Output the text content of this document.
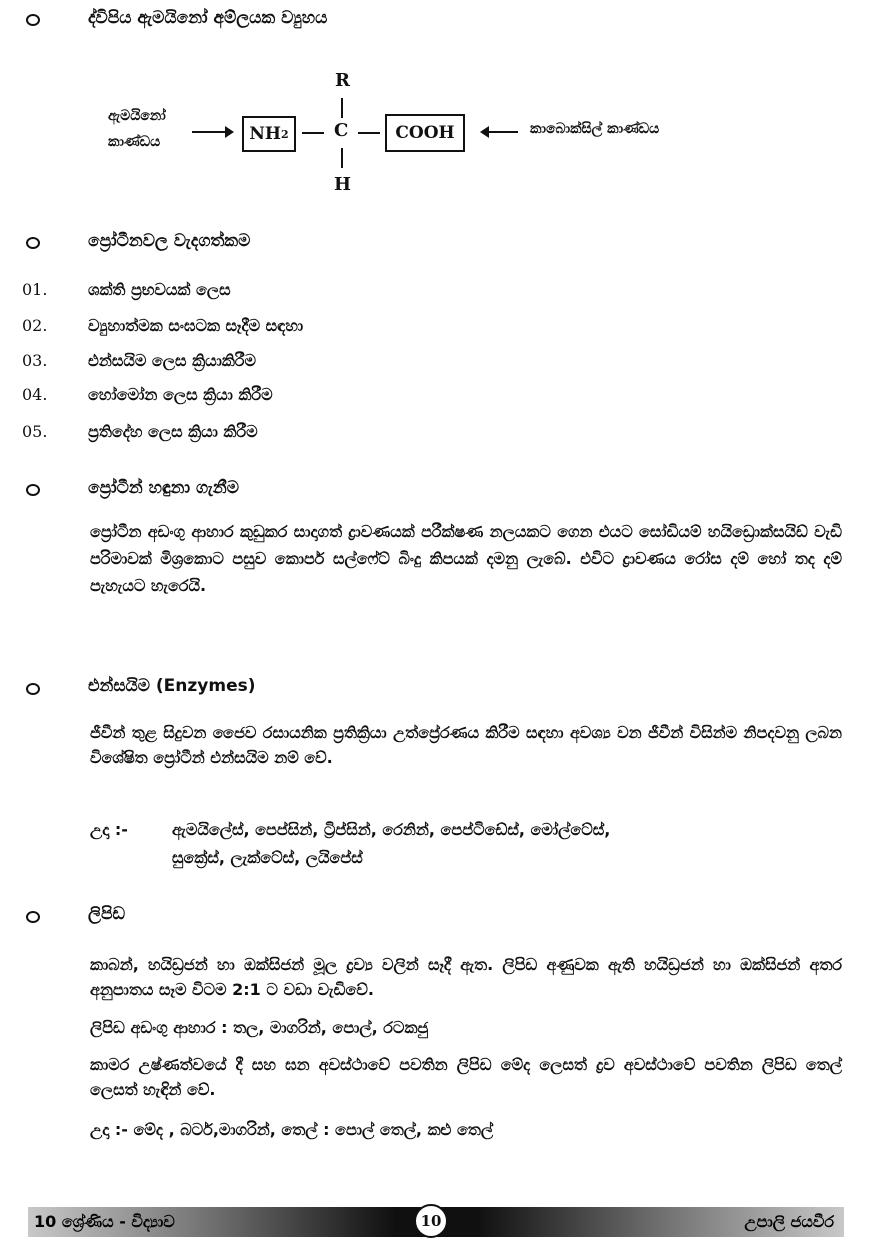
ද්විපිය ඇමයිනෝ අම්ලයක ව්‍යුහය
ඇමයිනෝ
කාණ්ඩය	NH 2
R
C
H
COOH	කාබොක්සිල් කාණ්ඩය
ප්‍රෝටීනවල වැදගත්කම
01.	ශක්ති ප්‍රභවයක් ලෙස
02.	ව්‍යුහාත්මක සංඝටක සෑදීම සඳහා
03.	එන්සයිම ලෙස ක්‍රියාකිරීම
04.	හෝමෝන ලෙස ක්‍රියා කිරීම
05.	ප්‍රතිදේහ ලෙස ක්‍රියා කිරීම
ප්‍රෝටීන් හඳුනා ගැනීම
ප්‍රෝටීන අඩංගු ආහාර කුඩුකර සාදාගත් ද්‍රාවණයක් පරීක්ෂණ නලයකට ගෙන එයට සෝඩියම් හයිඩ්‍රොක්සයිඩ් වැඩි පරිමාවක් මිශ්‍රකොට පසුව කොපර් සල්ෆේට් බිංදු කිපයක් දමනු ලැබේ. එවිට ද්‍රාවණය රෝස දම් හෝ තද දම් පැහැයට හැරෙයි.
එන්සයිම (Enzymes)
ජීවීන් තුළ සිදුවන ජෛව රසායනික ප්‍රතික්‍රියා උත්ප්‍රේරණය කිරීම සඳහා අවශ්‍ය වන ජීවීන් විසින්ම නිපදවනු ලබන විශේෂිත ප්‍රෝටීන් එන්සයිම නම් වේ.
උදා :-	ඇමයිලේස්, පෙප්සින්, ට්‍රිප්සින්, රෙනින්, පෙප්ටිඩේස්, මෝල්ටේස්,
සුක්‍රේස්, ලැක්ටේස්, ලයිපේස්
ලිපිඩ
කාබන්, හයිඩ්‍රජන් හා ඔක්සිජන් මූල ද්‍රව්‍ය වලින් සෑදී ඇත. ලිපිඩ අණුවක ඇති හයිඩ්‍රජන් හා ඔක්සිජන් අතර අනුපාතය සෑම විටම 2:1 ට වඩා වැඩිවේ.
ලිපිඩ අඩංගු ආහාර : තල, මාගරින්, පොල්, රටකජු
කාමර උෂ්ණත්වයේ දී සහ ඝන අවස්ථාවේ පවතින ලිපිඩ මේද ලෙසත් ද්‍රව අවස්ථාවේ පවතින ලිපිඩ තෙල් ලෙසත් හැඳින් වේ.
උදා :- මේද , බටර්,මාගරින්, තෙල් : පොල් තෙල්, කළු තෙල්
10 ශ්‍රේණිය - විද්‍යාව	10	උපාලි ජයවීර
